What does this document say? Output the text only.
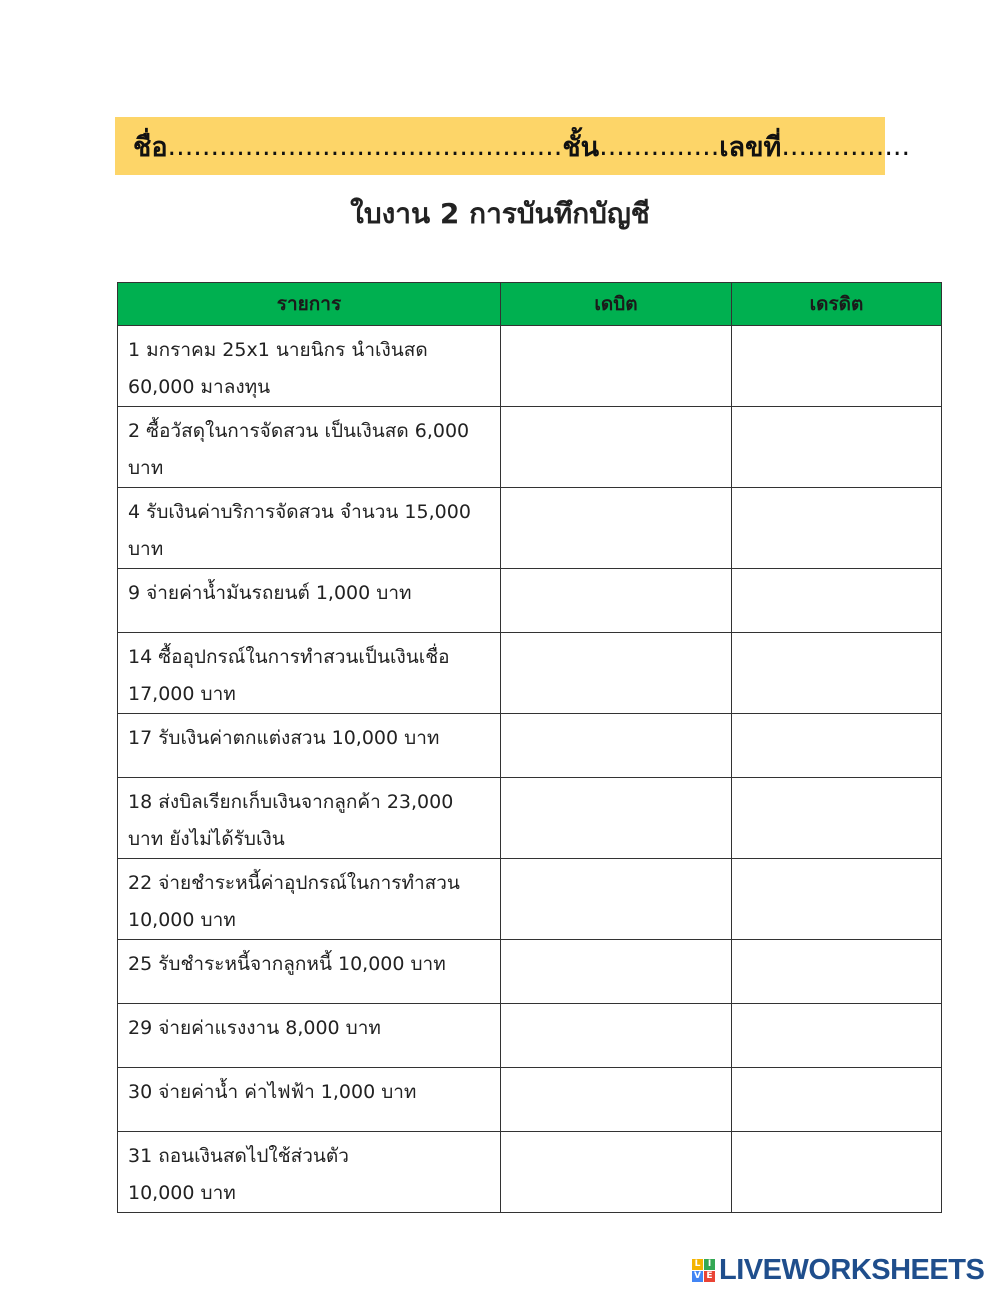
ชื่อ .............................................. ชั้น .............. เลขที่ ...............
ใบงาน 2 การบันทึกบัญชี
รายการ	เดบิต	เดรดิต

1 มกราคม 25x1 นายนิกร นำเงินสด
60,000 มาลงทุน		

2 ซื้อวัสดุในการจัดสวน เป็นเงินสด 6,000
บาท		

4 รับเงินค่าบริการจัดสวน จำนวน 15,000
บาท		

9 จ่ายค่าน้ำมันรถยนต์ 1,000 บาท		

14 ซื้ออุปกรณ์ในการทำสวนเป็นเงินเชื่อ
17,000 บาท		

17 รับเงินค่าตกแต่งสวน 10,000 บาท		

18 ส่งบิลเรียกเก็บเงินจากลูกค้า 23,000
บาท ยังไม่ได้รับเงิน		

22 จ่ายชำระหนี้ค่าอุปกรณ์ในการทำสวน
10,000 บาท		

25 รับชำระหนี้จากลูกหนี้ 10,000 บาท		

29 จ่ายค่าแรงงาน 8,000 บาท		

30 จ่ายค่าน้ำ ค่าไฟฟ้า 1,000 บาท		

31 ถอนเงินสดไปใช้ส่วนตัว
10,000 บาท		

L I
V E LIVEWORKSHEETS
